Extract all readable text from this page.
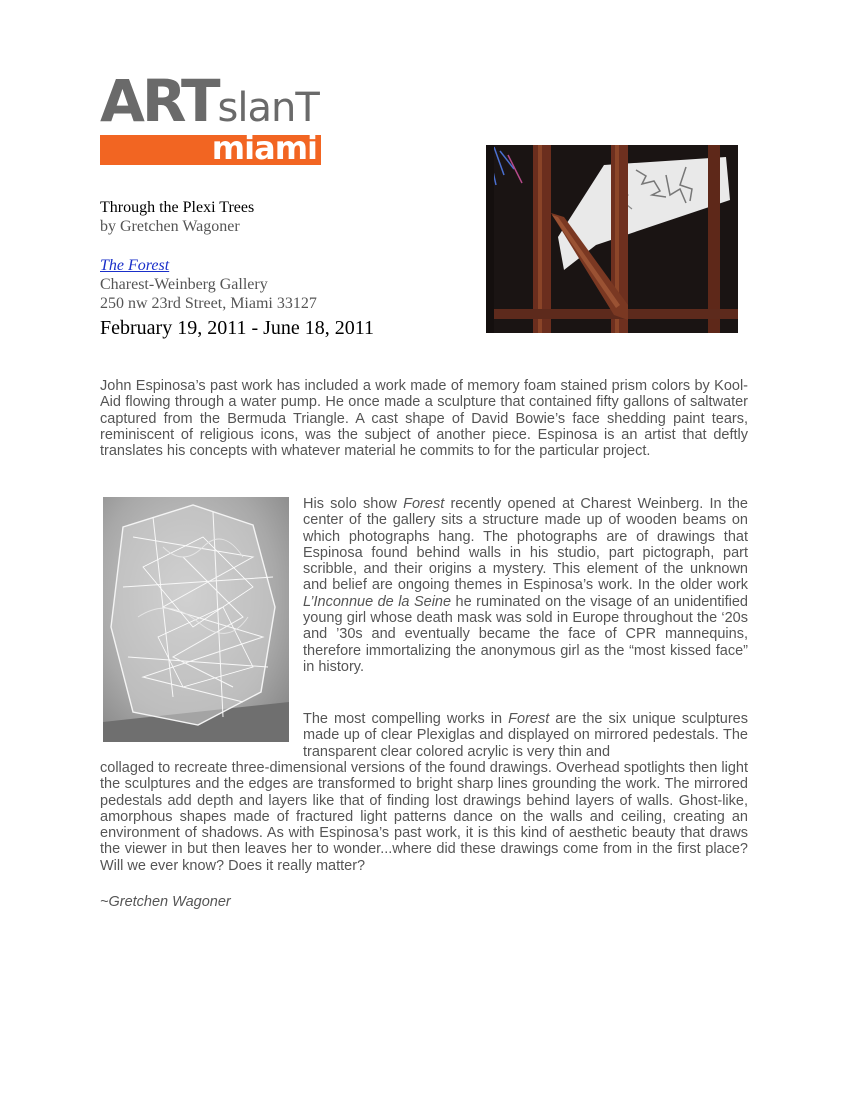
ARTslanT
miami
Through the Plexi Trees
by Gretchen Wagoner
The Forest
Charest-Weinberg Gallery
250 nw 23rd Street, Miami 33127
February 19, 2011 - June 18, 2011
John Espinosa’s past work has included a work made of memory foam stained prism colors by Kool-Aid flowing through a water pump. He once made a sculpture that contained fifty gallons of saltwater captured from the Bermuda Triangle. A cast shape of David Bowie’s face shedding paint tears, reminiscent of religious icons, was the subject of another piece. Espinosa is an artist that deftly translates his concepts with whatever material he commits to for the particular project.
His solo show Forest recently opened at Charest Weinberg. In the center of the gallery sits a structure made up of wooden beams on which photographs hang. The photographs are of drawings that Espinosa found behind walls in his studio, part pictograph, part scribble, and their origins a mystery. This element of the unknown and belief are ongoing themes in Espinosa’s work. In the older work L’Inconnue de la Seine he ruminated on the visage of an unidentified young girl whose death mask was sold in Europe throughout the ‘20s and ’30s and eventually became the face of CPR mannequins, therefore immortalizing the anonymous girl as the “most kissed face” in history.
The most compelling works in Forest are the six unique sculptures made up of clear Plexiglas and displayed on mirrored pedestals. The transparent clear colored acrylic is very thin and
collaged to recreate three-dimensional versions of the found drawings. Overhead spotlights then light the sculptures and the edges are transformed to bright sharp lines grounding the work. The mirrored pedestals add depth and layers like that of finding lost drawings behind layers of walls. Ghost-like, amorphous shapes made of fractured light patterns dance on the walls and ceiling, creating an environment of shadows. As with Espinosa’s past work, it is this kind of aesthetic beauty that draws the viewer in but then leaves her to wonder...where did these drawings come from in the first place? Will we ever know? Does it really matter?
~Gretchen Wagoner
